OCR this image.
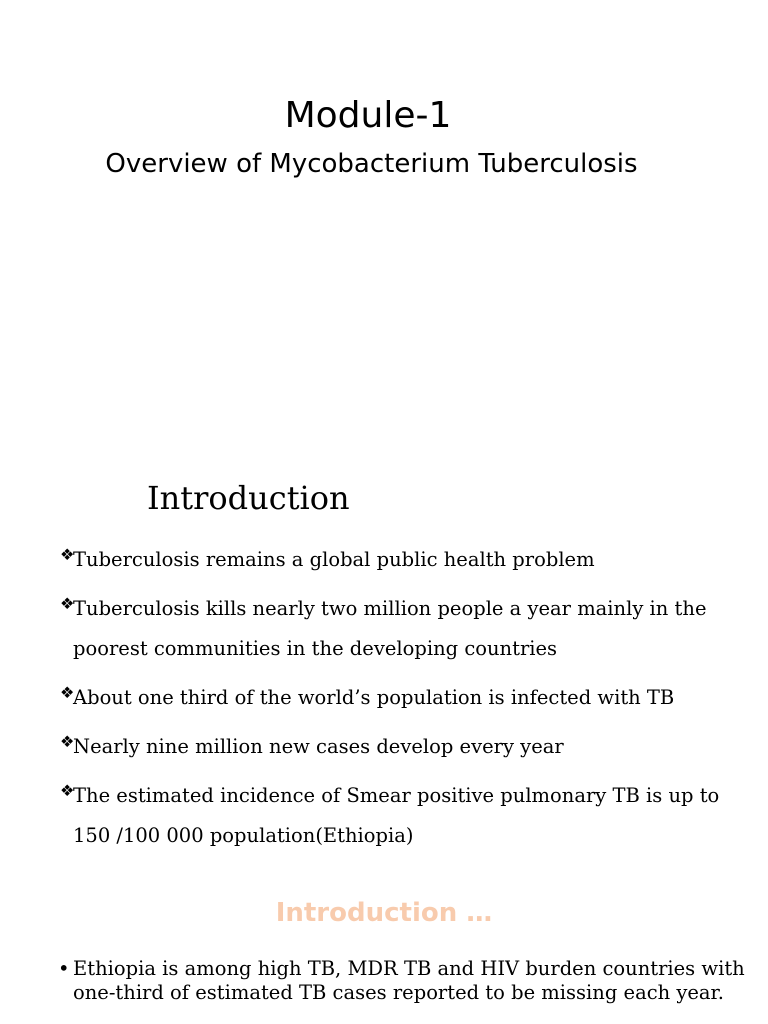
Module-1
Overview of Mycobacterium Tuberculosis
Introduction
❖
Tuberculosis remains a global public health problem
❖
Tuberculosis kills nearly two million people a year mainly in the poorest communities in the developing countries
❖
About one third of the world’s population is infected with TB
❖
Nearly nine million new cases develop every year
❖
The estimated incidence of Smear positive pulmonary TB is up to 150 /100 000 population(Ethiopia)
Introduction …
• Ethiopia is among high TB, MDR TB and HIV burden countries with one-third of estimated TB cases reported to be missing each year.
